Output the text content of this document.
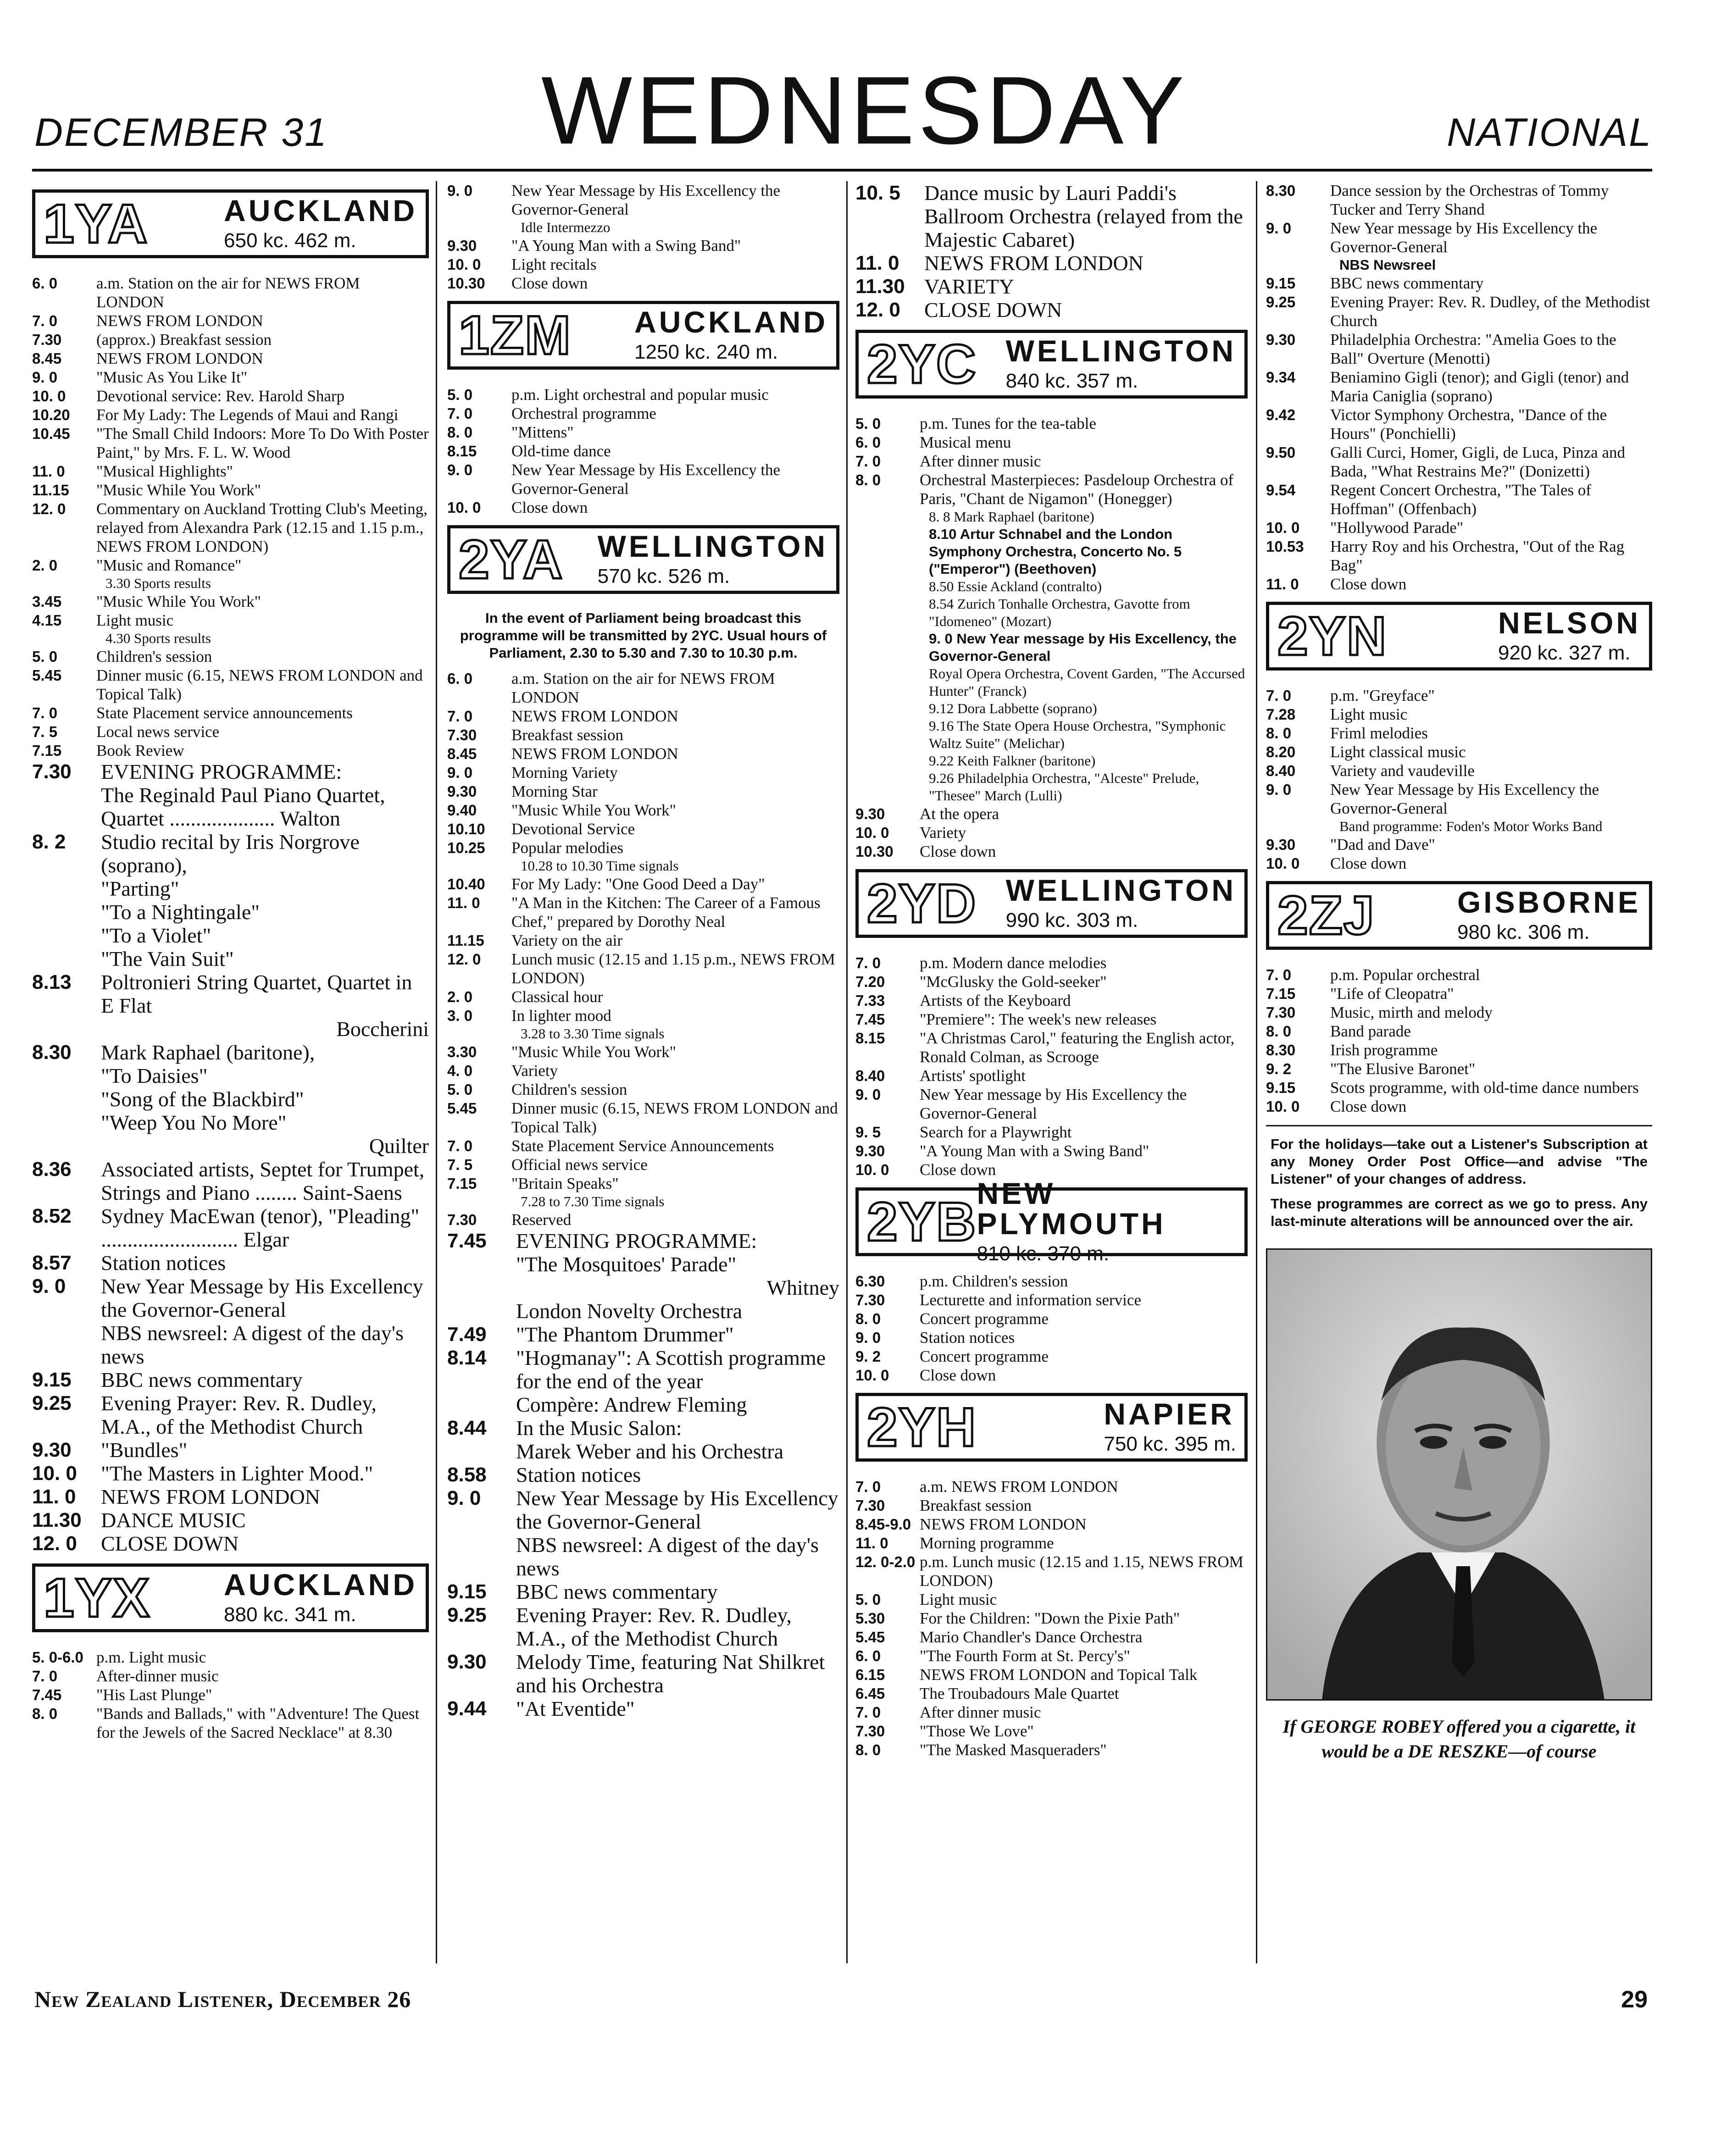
DECEMBER 31 WEDNESDAY	NATIONAL
1YA AUCKLAND
650 kc. 462 m.
6. 0	a.m. Station on the air for NEWS FROM LONDON
7. 0	NEWS FROM LONDON
7.30	(approx.) Breakfast session
8.45	NEWS FROM LONDON
9. 0	"Music As You Like It"
10. 0	Devotional service: Rev. Harold Sharp
10.20	For My Lady: The Legends of Maui and Rangi
10.45	"The Small Child Indoors: More To Do With Poster Paint," by Mrs. F. L. W. Wood
11. 0	"Musical Highlights"
11.15	"Music While You Work"
12. 0	Commentary on Auckland Trotting Club's Meeting, relayed from Alexandra Park (12.15 and 1.15 p.m., NEWS FROM LONDON)
2. 0	"Music and Romance"
3.30 Sports results
3.45	"Music While You Work"
4.15	Light music
4.30 Sports results
5. 0	Children's session
5.45	Dinner music (6.15, NEWS FROM LONDON and Topical Talk)
7. 0	State Placement service announcements
7. 5	Local news service
7.15	Book Review
7.30	EVENING PROGRAMME:
The Reginald Paul Piano Quartet,
Quartet .................... Walton
8. 2	Studio recital by Iris Norgrove (soprano),
"Parting"
"To a Nightingale"
"To a Violet"
"The Vain Suit"
8.13	Poltronieri String Quartet, Quartet in E Flat
Boccherini
8.30	Mark Raphael (baritone),
"To Daisies"
"Song of the Blackbird"
"Weep You No More"
Quilter
8.36	Associated artists, Septet for Trumpet, Strings and Piano ........ Saint-Saens
8.52	Sydney MacEwan (tenor), "Pleading" .......................... Elgar
8.57	Station notices
9. 0	New Year Message by His Excellency the Governor-General
NBS newsreel: A digest of the day's news
9.15	BBC news commentary
9.25	Evening Prayer: Rev. R. Dudley, M.A., of the Methodist Church
9.30	"Bundles"
10. 0	"The Masters in Lighter Mood."
11. 0	NEWS FROM LONDON
11.30 DANCE MUSIC
12. 0	CLOSE DOWN
1YX AUCKLAND
880 kc. 341 m.
5. 0-6.0 p.m. Light music
7. 0	After-dinner music
7.45	"His Last Plunge"
8. 0	"Bands and Ballads," with "Adventure! The Quest for the Jewels of the Sacred Necklace" at 8.30
9. 0	New Year Message by His Excellency the Governor-General
Idle Intermezzo
9.30	"A Young Man with a Swing Band"
10. 0	Light recitals
10.30	Close down
1ZM AUCKLAND
1250 kc. 240 m.
5. 0	p.m. Light orchestral and popular music
7. 0	Orchestral programme
8. 0	"Mittens"
8.15	Old-time dance
9. 0	New Year Message by His Excellency the Governor-General
10. 0	Close down
2YA WELLINGTON
570 kc. 526 m.
In the event of Parliament being broadcast this programme will be transmitted by 2YC. Usual hours of Parliament, 2.30 to 5.30 and 7.30 to 10.30 p.m.
6. 0	a.m. Station on the air for NEWS FROM LONDON
7. 0	NEWS FROM LONDON
7.30	Breakfast session
8.45	NEWS FROM LONDON
9. 0	Morning Variety
9.30	Morning Star
9.40	"Music While You Work"
10.10	Devotional Service
10.25	Popular melodies
10.28 to 10.30 Time signals
10.40	For My Lady: "One Good Deed a Day"
11. 0	"A Man in the Kitchen: The Career of a Famous Chef," prepared by Dorothy Neal
11.15	Variety on the air
12. 0	Lunch music (12.15 and 1.15 p.m., NEWS FROM LONDON)
2. 0	Classical hour
3. 0	In lighter mood
3.28 to 3.30 Time signals
3.30	"Music While You Work"
4. 0	Variety
5. 0	Children's session
5.45	Dinner music (6.15, NEWS FROM LONDON and Topical Talk)
7. 0	State Placement Service Announcements
7. 5	Official news service
7.15	"Britain Speaks"
7.28 to 7.30 Time signals
7.30	Reserved
7.45	EVENING PROGRAMME:
"The Mosquitoes' Parade"
Whitney
London Novelty Orchestra
7.49	"The Phantom Drummer"
8.14	"Hogmanay": A Scottish programme for the end of the year
Compère: Andrew Fleming
8.44	In the Music Salon:
Marek Weber and his Orchestra
8.58	Station notices
9. 0	New Year Message by His Excellency the Governor-General
NBS newsreel: A digest of the day's news
9.15	BBC news commentary
9.25	Evening Prayer: Rev. R. Dudley, M.A., of the Methodist Church
9.30	Melody Time, featuring Nat Shilkret and his Orchestra
9.44	"At Eventide"
10. 5	Dance music by Lauri Paddi's Ballroom Orchestra (relayed from the Majestic Cabaret)
11. 0	NEWS FROM LONDON
11.30 VARIETY
12. 0	CLOSE DOWN
2YC WELLINGTON
840 kc. 357 m.
5. 0	p.m. Tunes for the tea-table
6. 0	Musical menu
7. 0	After dinner music
8. 0	Orchestral Masterpieces: Pasdeloup Orchestra of Paris, "Chant de Nigamon" (Honegger)
8. 8 Mark Raphael (baritone)
8.10 Artur Schnabel and the London Symphony Orchestra, Concerto No. 5 ("Emperor") (Beethoven)
8.50 Essie Ackland (contralto)
8.54 Zurich Tonhalle Orchestra, Gavotte from "Idomeneo" (Mozart)
9. 0 New Year message by His Excellency, the Governor-General
Royal Opera Orchestra, Covent Garden, "The Accursed Hunter" (Franck)
9.12 Dora Labbette (soprano)
9.16 The State Opera House Orchestra, "Symphonic Waltz Suite" (Melichar)
9.22 Keith Falkner (baritone)
9.26 Philadelphia Orchestra, "Alceste" Prelude, "Thesee" March (Lulli)
9.30	At the opera
10. 0	Variety
10.30	Close down
2YD WELLINGTON
990 kc. 303 m.
7. 0	p.m. Modern dance melodies
7.20	"McGlusky the Gold-seeker"
7.33	Artists of the Keyboard
7.45	"Premiere": The week's new releases
8.15	"A Christmas Carol," featuring the English actor, Ronald Colman, as Scrooge
8.40	Artists' spotlight
9. 0	New Year message by His Excellency the Governor-General
9. 5	Search for a Playwright
9.30	"A Young Man with a Swing Band"
10. 0	Close down
2YB NEW PLYMOUTH
810 kc. 370 m.
6.30	p.m. Children's session
7.30	Lecturette and information service
8. 0	Concert programme
9. 0	Station notices
9. 2	Concert programme
10. 0	Close down
2YH	NAPIER
750 kc. 395 m.
7. 0	a.m. NEWS FROM LONDON
7.30	Breakfast session
8.45-9.0 NEWS FROM LONDON
11. 0	Morning programme
12. 0-2.0 p.m. Lunch music (12.15 and 1.15, NEWS FROM LONDON)
5. 0	Light music
5.30	For the Children: "Down the Pixie Path"
5.45	Mario Chandler's Dance Orchestra
6. 0	"The Fourth Form at St. Percy's"
6.15	NEWS FROM LONDON and Topical Talk
6.45	The Troubadours Male Quartet
7. 0	After dinner music
7.30	"Those We Love"
8. 0	"The Masked Masqueraders"
8.30	Dance session by the Orchestras of Tommy Tucker and Terry Shand
9. 0	New Year message by His Excellency the Governor-General
NBS Newsreel
9.15	BBC news commentary
9.25	Evening Prayer: Rev. R. Dudley, of the Methodist Church
9.30	Philadelphia Orchestra: "Amelia Goes to the Ball" Overture (Menotti)
9.34	Beniamino Gigli (tenor); and Gigli (tenor) and Maria Caniglia (soprano)
9.42	Victor Symphony Orchestra, "Dance of the Hours" (Ponchielli)
9.50	Galli Curci, Homer, Gigli, de Luca, Pinza and Bada, "What Restrains Me?" (Donizetti)
9.54	Regent Concert Orchestra, "The Tales of Hoffman" (Offenbach)
10. 0	"Hollywood Parade"
10.53	Harry Roy and his Orchestra, "Out of the Rag Bag"
11. 0	Close down
2YN	NELSON
920 kc. 327 m.
7. 0	p.m. "Greyface"
7.28	Light music
8. 0	Friml melodies
8.20	Light classical music
8.40	Variety and vaudeville
9. 0	New Year Message by His Excellency the Governor-General
Band programme: Foden's Motor Works Band
9.30	"Dad and Dave"
10. 0	Close down
2ZJ	GISBORNE
980 kc. 306 m.
7. 0	p.m. Popular orchestral
7.15	"Life of Cleopatra"
7.30	Music, mirth and melody
8. 0	Band parade
8.30	Irish programme
9. 2	"The Elusive Baronet"
9.15	Scots programme, with old-time dance numbers
10. 0	Close down
For the holidays—take out a Listener's Subscription at any Money Order Post Office—and advise "The Listener" of your changes of address.
These programmes are correct as we go to press. Any last-minute alterations will be announced over the air.
If GEORGE ROBEY offered you a cigarette, it would be a DE RESZKE—of course
New Zealand Listener, December 26	29
